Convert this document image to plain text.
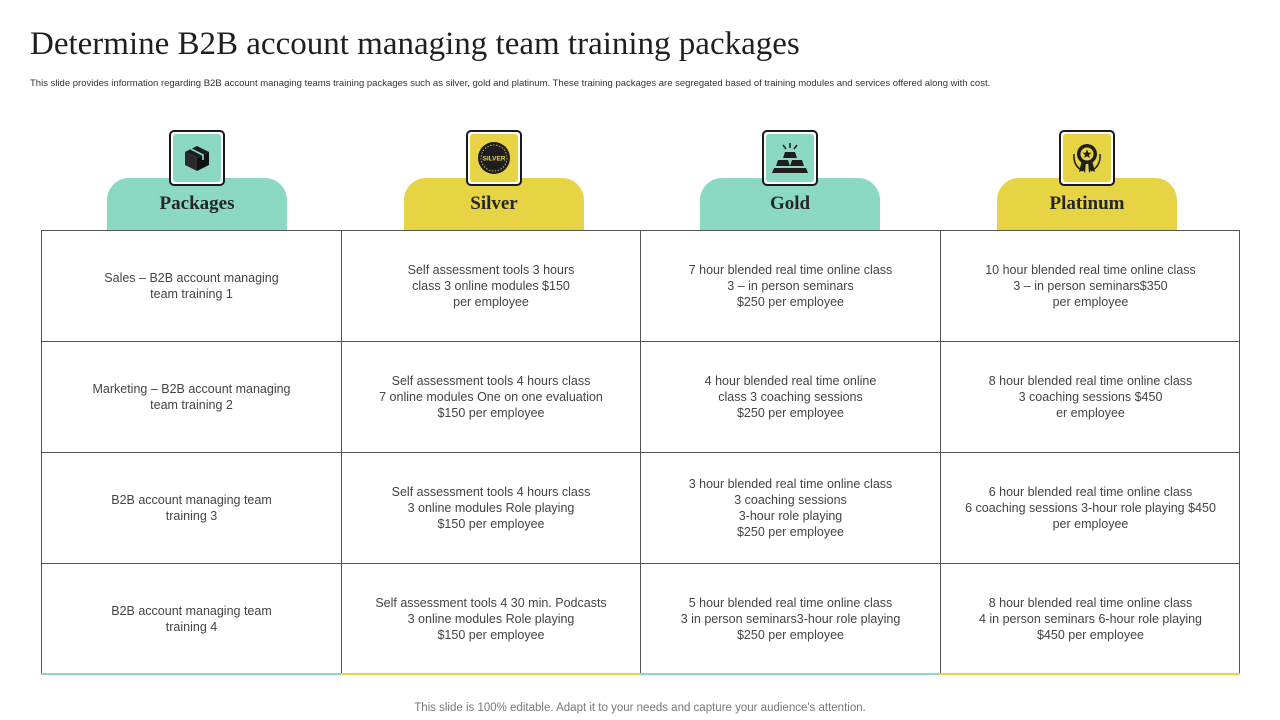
Determine B2B account managing team training packages
This slide provides information regarding B2B account managing teams training packages such as silver, gold and platinum. These training packages are segregated based of training modules and services offered along with cost.
Packages	Silver
SILVER
Gold	Platinum
Sales – B2B account managing
team training 1
Self assessment tools 3 hours
class 3 online modules $150
per employee
7 hour blended real time online class
3 – in person seminars
$250 per employee
10 hour blended real time online class
3 – in person seminars$350
per employee
Marketing – B2B account managing
team training 2
Self assessment tools 4 hours class
7 online modules One on one evaluation
$150 per employee
4 hour blended real time online
class 3 coaching sessions
$250 per employee
8 hour blended real time online class
3 coaching sessions $450
er employee
B2B account managing team
training 3
Self assessment tools 4 hours class
3 online modules Role playing
$150 per employee
3 hour blended real time online class
3 coaching sessions
3-hour role playing
$250 per employee
6 hour blended real time online class
6 coaching sessions 3-hour role playing $450
per employee
B2B account managing team
training 4
Self assessment tools 4 30 min. Podcasts
3 online modules Role playing
$150 per employee
5 hour blended real time online class
3 in person seminars3-hour role playing
$250 per employee
8 hour blended real time online class
4 in person seminars 6-hour role playing
$450 per employee
This slide is 100% editable. Adapt it to your needs and capture your audience's attention.
